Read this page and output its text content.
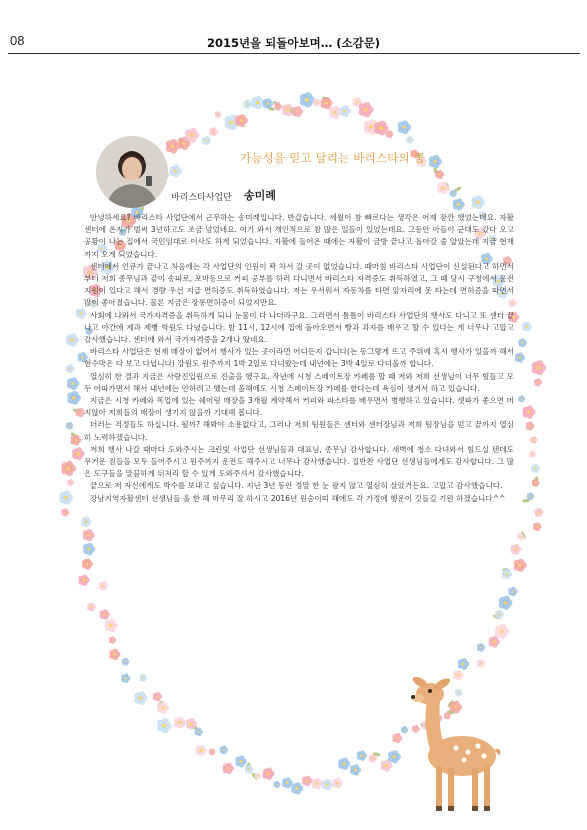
08	2015년을 되돌아보며… (소감문)
가능성을 믿고 달리는 바리스타의 꿈
바리스타사업단 송미례

안녕하세요? 바리스타 사업단에서 근무하는 송미례입니다. 반갑습니다. 세월이 참 빠르다는 생각은 어제 잠깐 했었는데요. 자활센터에 온지가 벌써 3년하고도 조금 넘었네요. 여기 와서 개인적으로 참 많은 일들이 있었는데요. 그동안 아들이 군대도 갔다 오고 공황이 나는 집에서 국민임대로 이사도 하게 되었습니다. 자활에 들어온 때에는 자활이 금방 끝나고 돌아갈 줄 알았는데 지금 현재까지 오게 되었습니다.

센터에서 인큐가 끝나고 처음에는 각 사업단의 인원이 꽉 차서 갈 곳이 없었습니다. 때마침 바리스타 사업단이 신설된다고 하면서부터 저희 종무님과 같이 송파로, 포마동으로 커피 공부를 하러 다니면서 바리스타 자격증도 취득하였고, 그 때 당시 구청에서 운전지원이 있다고 해서 경량 우선 지급 면허증도 취득하였습니다. 저는 우서워서 자동차를 타면 앞자리에 못 타는데 면허증을 따면서 많이 좋아졌습니다. 물론 지금은 장롱면허증이 되었지만요.

사회에 나와서 국가자격증을 취득하게 되니 눈물이 다 나더라구요. 그러면서 틈틈이 바리스타 사업단의 행사도 다니고 또 센터 끝나고 야간에 제과 제빵 학원도 다녔습니다. 밤 11시, 12시에 집에 돌아오면서 빵과 과자를 배우고 할 수 있다는 게 너무나 고맙고 감사했습니다. 센터에 와서 국가자격증을 2개나 땄네요.

바리스타 사업단은 현재 매장이 없어서 행사가 있는 곳이라면 어디든지 갑니다(논 동그랗게 뜨고 주위에 혹시 행사가 있을까 해서 현수막은 다 보고 다닙니다) 강원도 원주까지 1박 2일로 다녀왔는데 내년에는 3박 4일로 다녀올까 합니다.

열심히 한 결과 지금은 사랑진입원으로 진출을 했구요. 작년에 시청 스페이트장 카페를 할 때 저와 저희 선생님이 너무 힘들고 모두 아파가면서 해서 내년에는 안하려고 했는데 올해에도 시청 스페이트장 카페를 한다는데 욕심이 생겨서 하고 있습니다.

지금은 시청 카페와 목업에 있는 쉐어링 매장을 3개월 계약해서 커피와 파스타를 배우면서 병행하고 있습니다. 셋파가 좋으면 머지않아 저희들의 매장이 생기지 않을까 기대해 봅니다.

더러는 걱정들도 하십니다. 될까? 해봐야 소용없다고, 그러나 저희 팀원들은 센터와 센터장님과 저희 팀장님을 믿고 끝까지 열심히 노력하겠습니다.

저희 행사 나갈 때마다 도와주시는 크린빛 사업단 선생님들과 대표님, 종무님 감사합니다. 새벽에 청소 다녀와서 힘드실 텐데도 무거운 짐들을 모두 들어주시고 원주까지 운전도 해주시고 너무나 감사했습니다. 집반찬 사업단 선생님들에게도 감사합니다. 그 많은 도구들을 말끔하게 뒤처리 할 수 있게 도와주셔서 감사했습니다.

끝으로 저 자신에게도 박수를 보내고 싶습니다. 지난 3년 동안 정말 한 눈 팔지 않고 열심히 살았거든요. 고맙고 감사했습니다.

강남지역자활센터 선생님들 올 한 해 마무리 잘 하시고 2016년 원숭이띠 해에도 각 가정에 행운이 깃들길 기원 하겠습니다^^
